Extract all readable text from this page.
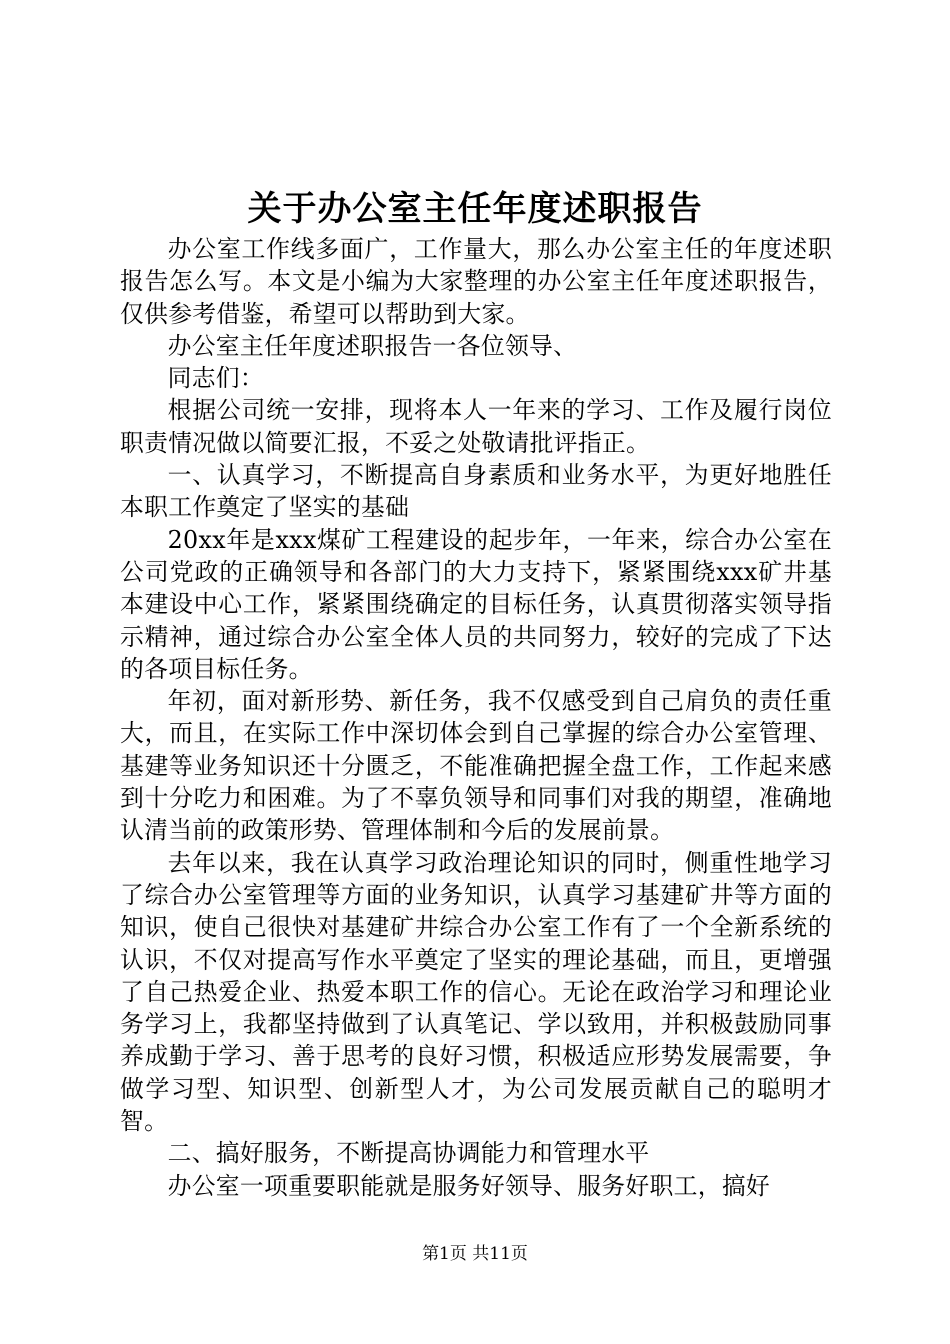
关于办公室主任年度述职报告

办公室工作线多面广，工作量大，那么办公室主任的年度述职报告怎么写。本文是小编为大家整理的办公室主任年度述职报告，仅供参考借鉴，希望可以帮助到大家。

办公室主任年度述职报告一各位领导、

同志们：

根据公司统一安排，现将本人一年来的学习、工作及履行岗位职责情况做以简要汇报，不妥之处敬请批评指正。

一、认真学习，不断提高自身素质和业务水平，为更好地胜任本职工作奠定了坚实的基础

20xx年是xxx煤矿工程建设的起步年，一年来，综合办公室在公司党政的正确领导和各部门的大力支持下，紧紧围绕xxx矿井基本建设中心工作，紧紧围绕确定的目标任务，认真贯彻落实领导指示精神，通过综合办公室全体人员的共同努力，较好的完成了下达的各项目标任务。

年初，面对新形势、新任务，我不仅感受到自己肩负的责任重大，而且，在实际工作中深切体会到自己掌握的综合办公室管理、基建等业务知识还十分匮乏，不能准确把握全盘工作，工作起来感到十分吃力和困难。为了不辜负领导和同事们对我的期望，准确地认清当前的政策形势、管理体制和今后的发展前景。

去年以来，我在认真学习政治理论知识的同时，侧重性地学习了综合办公室管理等方面的业务知识，认真学习基建矿井等方面的知识，使自己很快对基建矿井综合办公室工作有了一个全新系统的认识，不仅对提高写作水平奠定了坚实的理论基础，而且，更增强了自己热爱企业、热爱本职工作的信心。无论在政治学习和理论业务学习上，我都坚持做到了认真笔记、学以致用，并积极鼓励同事养成勤于学习、善于思考的良好习惯，积极适应形势发展需要，争做学习型、知识型、创新型人才，为公司发展贡献自己的聪明才智。

二、搞好服务，不断提高协调能力和管理水平

办公室一项重要职能就是服务好领导、服务好职工，搞好

第1页 共11页
